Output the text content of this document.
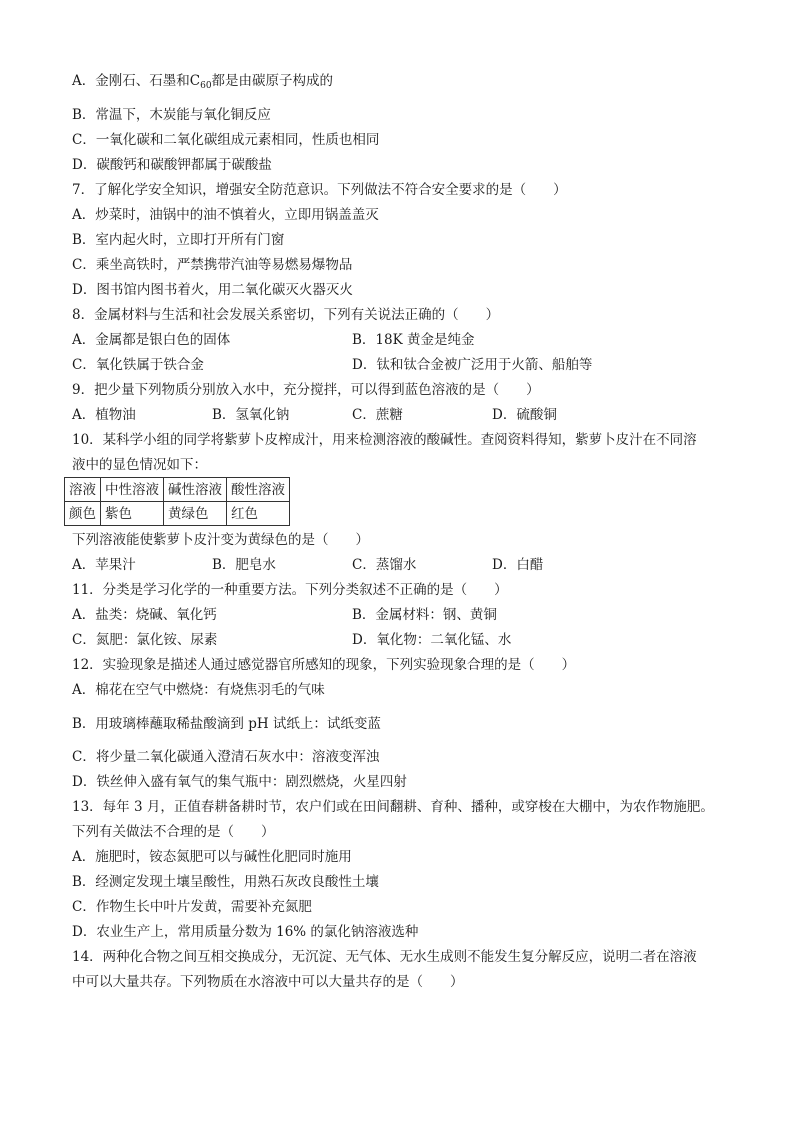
A．金刚石、石墨和$C_{60}$都是由碳原子构成的
B．常温下，木炭能与氧化铜反应
C．一氧化碳和二氧化碳组成元素相同，性质也相同
D．碳酸钙和碳酸钾都属于碳酸盐
7．了解化学安全知识，增强安全防范意识。下列做法不符合安全要求的是（　　）
A．炒菜时，油锅中的油不慎着火，立即用锅盖盖灭
B．室内起火时，立即打开所有门窗
C．乘坐高铁时，严禁携带汽油等易燃易爆物品
D．图书馆内图书着火，用二氧化碳灭火器灭火
8．金属材料与生活和社会发展关系密切，下列有关说法正确的（　　）
A．金属都是银白色的固体	B．18K 黄金是纯金
C．氧化铁属于铁合金	D．钛和钛合金被广泛用于火箭、船舶等
9．把少量下列物质分别放入水中，充分搅拌，可以得到蓝色溶液的是（　　）
A．植物油	B．氢氧化钠	C．蔗糖	D．硫酸铜
10．某科学小组的同学将紫萝卜皮榨成汁，用来检测溶液的酸碱性。查阅资料得知，紫萝卜皮汁在不同溶
液中的显色情况如下：
溶液	中性溶液	碱性溶液	酸性溶液
颜色	紫色	黄绿色	红色
下列溶液能使紫萝卜皮汁变为黄绿色的是（　　）
A．苹果汁	B．肥皂水	C．蒸馏水	D．白醋
11．分类是学习化学的一种重要方法。下列分类叙述不正确的是（　　）
A．盐类：烧碱、氧化钙	B．金属材料：钢、黄铜
C．氮肥：氯化铵、尿素	D．氧化物：二氧化锰、水
12．实验现象是描述人通过感觉器官所感知的现象，下列实验现象合理的是（　　）
A．棉花在空气中燃烧：有烧焦羽毛的气味
B．用玻璃棒蘸取稀盐酸滴到 pH 试纸上：试纸变蓝
C．将少量二氧化碳通入澄清石灰水中：溶液变浑浊
D．铁丝伸入盛有氧气的集气瓶中：剧烈燃烧，火星四射
13．每年 3 月，正值春耕备耕时节，农户们或在田间翻耕、育种、播种，或穿梭在大棚中，为农作物施肥。
下列有关做法不合理的是（　　）
A．施肥时，铵态氮肥可以与碱性化肥同时施用
B．经测定发现土壤呈酸性，用熟石灰改良酸性土壤
C．作物生长中叶片发黄，需要补充氮肥
D．农业生产上，常用质量分数为 16% 的氯化钠溶液选种
14．两种化合物之间互相交换成分，无沉淀、无气体、无水生成则不能发生复分解反应，说明二者在溶液
中可以大量共存。下列物质在水溶液中可以大量共存的是（　　）
